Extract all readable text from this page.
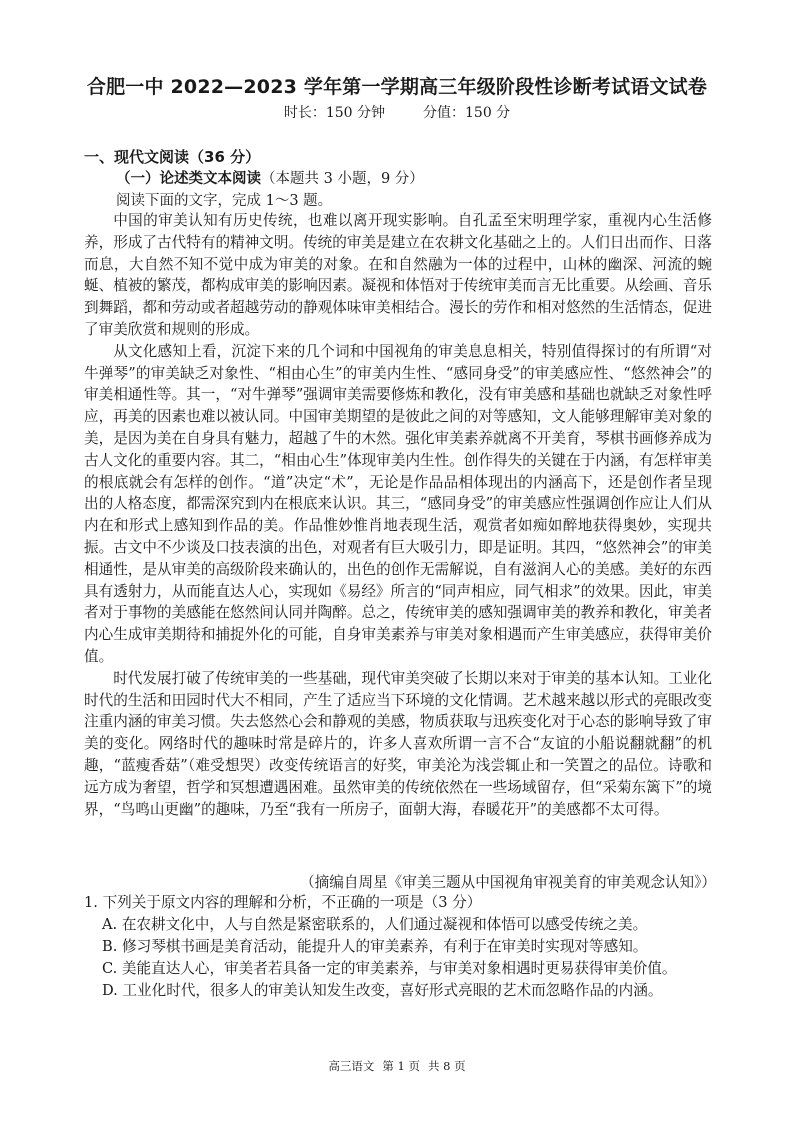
合肥一中 2022—2023 学年第一学期高三年级阶段性诊断考试语文试卷
时长：150 分钟	分值：150 分
一、现代文阅读（36 分）
（一）论述类文本阅读（本题共 3 小题，9 分）
阅读下面的文字，完成 1～3 题。

中国的审美认知有历史传统，也难以离开现实影响。自孔孟至宋明理学家，重视内心生活修养，形成了古代特有的精神文明。传统的审美是建立在农耕文化基础之上的。人们日出而作、日落而息，大自然不知不觉中成为审美的对象。在和自然融为一体的过程中，山林的幽深、河流的蜿蜒、植被的繁茂，都构成审美的影响因素。凝视和体悟对于传统审美而言无比重要。从绘画、音乐到舞蹈，都和劳动或者超越劳动的静观体味审美相结合。漫长的劳作和相对悠然的生活情态，促进了审美欣赏和规则的形成。

从文化感知上看，沉淀下来的几个词和中国视角的审美息息相关，特别值得探讨的有所谓“对牛弹琴”的审美缺乏对象性、“相由心生”的审美内生性、“感同身受”的审美感应性、“悠然神会”的审美相通性等。其一，“对牛弹琴”强调审美需要修炼和教化，没有审美感和基础也就缺乏对象性呼应，再美的因素也难以被认同。中国审美期望的是彼此之间的对等感知，文人能够理解审美对象的美，是因为美在自身具有魅力，超越了牛的木然。强化审美素养就离不开美育，琴棋书画修养成为古人文化的重要内容。其二，“相由心生”体现审美内生性。创作得失的关键在于内涵，有怎样审美的根底就会有怎样的创作。“道”决定“术”，无论是作品品相体现出的内涵高下，还是创作者呈现出的人格态度，都需深究到内在根底来认识。其三，“感同身受”的审美感应性强调创作应让人们从内在和形式上感知到作品的美。作品惟妙惟肖地表现生活，观赏者如痴如醉地获得奥妙，实现共振。古文中不少谈及口技表演的出色，对观者有巨大吸引力，即是证明。其四，“悠然神会”的审美相通性，是从审美的高级阶段来确认的，出色的创作无需解说，自有滋润人心的美感。美好的东西具有透射力，从而能直达人心，实现如《易经》所言的“同声相应，同气相求”的效果。因此，审美者对于事物的美感能在悠然间认同并陶醉。总之，传统审美的感知强调审美的教养和教化，审美者内心生成审美期待和捕捉外化的可能，自身审美素养与审美对象相遇而产生审美感应，获得审美价值。

时代发展打破了传统审美的一些基础，现代审美突破了长期以来对于审美的基本认知。工业化时代的生活和田园时代大不相同，产生了适应当下环境的文化情调。艺术越来越以形式的亮眼改变注重内涵的审美习惯。失去悠然心会和静观的美感，物质获取与迅疾变化对于心态的影响导致了审美的变化。网络时代的趣味时常是碎片的，许多人喜欢所谓一言不合“友谊的小船说翻就翻”的机趣，“蓝瘦香菇”（难受想哭）改变传统语言的好奖，审美沦为浅尝辄止和一笑置之的品位。诗歌和远方成为奢望，哲学和冥想遭遇困难。虽然审美的传统依然在一些场域留存，但“采菊东篱下”的境界，“鸟鸣山更幽”的趣味，乃至“我有一所房子，面朝大海，春暖花开”的美感都不太可得。

（摘编自周星《审美三题从中国视角审视美育的审美观念认知》）
1. 下列关于原文内容的理解和分析，不正确的一项是（3 分）
A. 在农耕文化中，人与自然是紧密联系的，人们通过凝视和体悟可以感受传统之美。
B. 修习琴棋书画是美育活动，能提升人的审美素养，有利于在审美时实现对等感知。
C. 美能直达人心，审美者若具备一定的审美素养，与审美对象相遇时更易获得审美价值。
D. 工业化时代，很多人的审美认知发生改变，喜好形式亮眼的艺术而忽略作品的内涵。
高三语文 第 1 页 共 8 页
